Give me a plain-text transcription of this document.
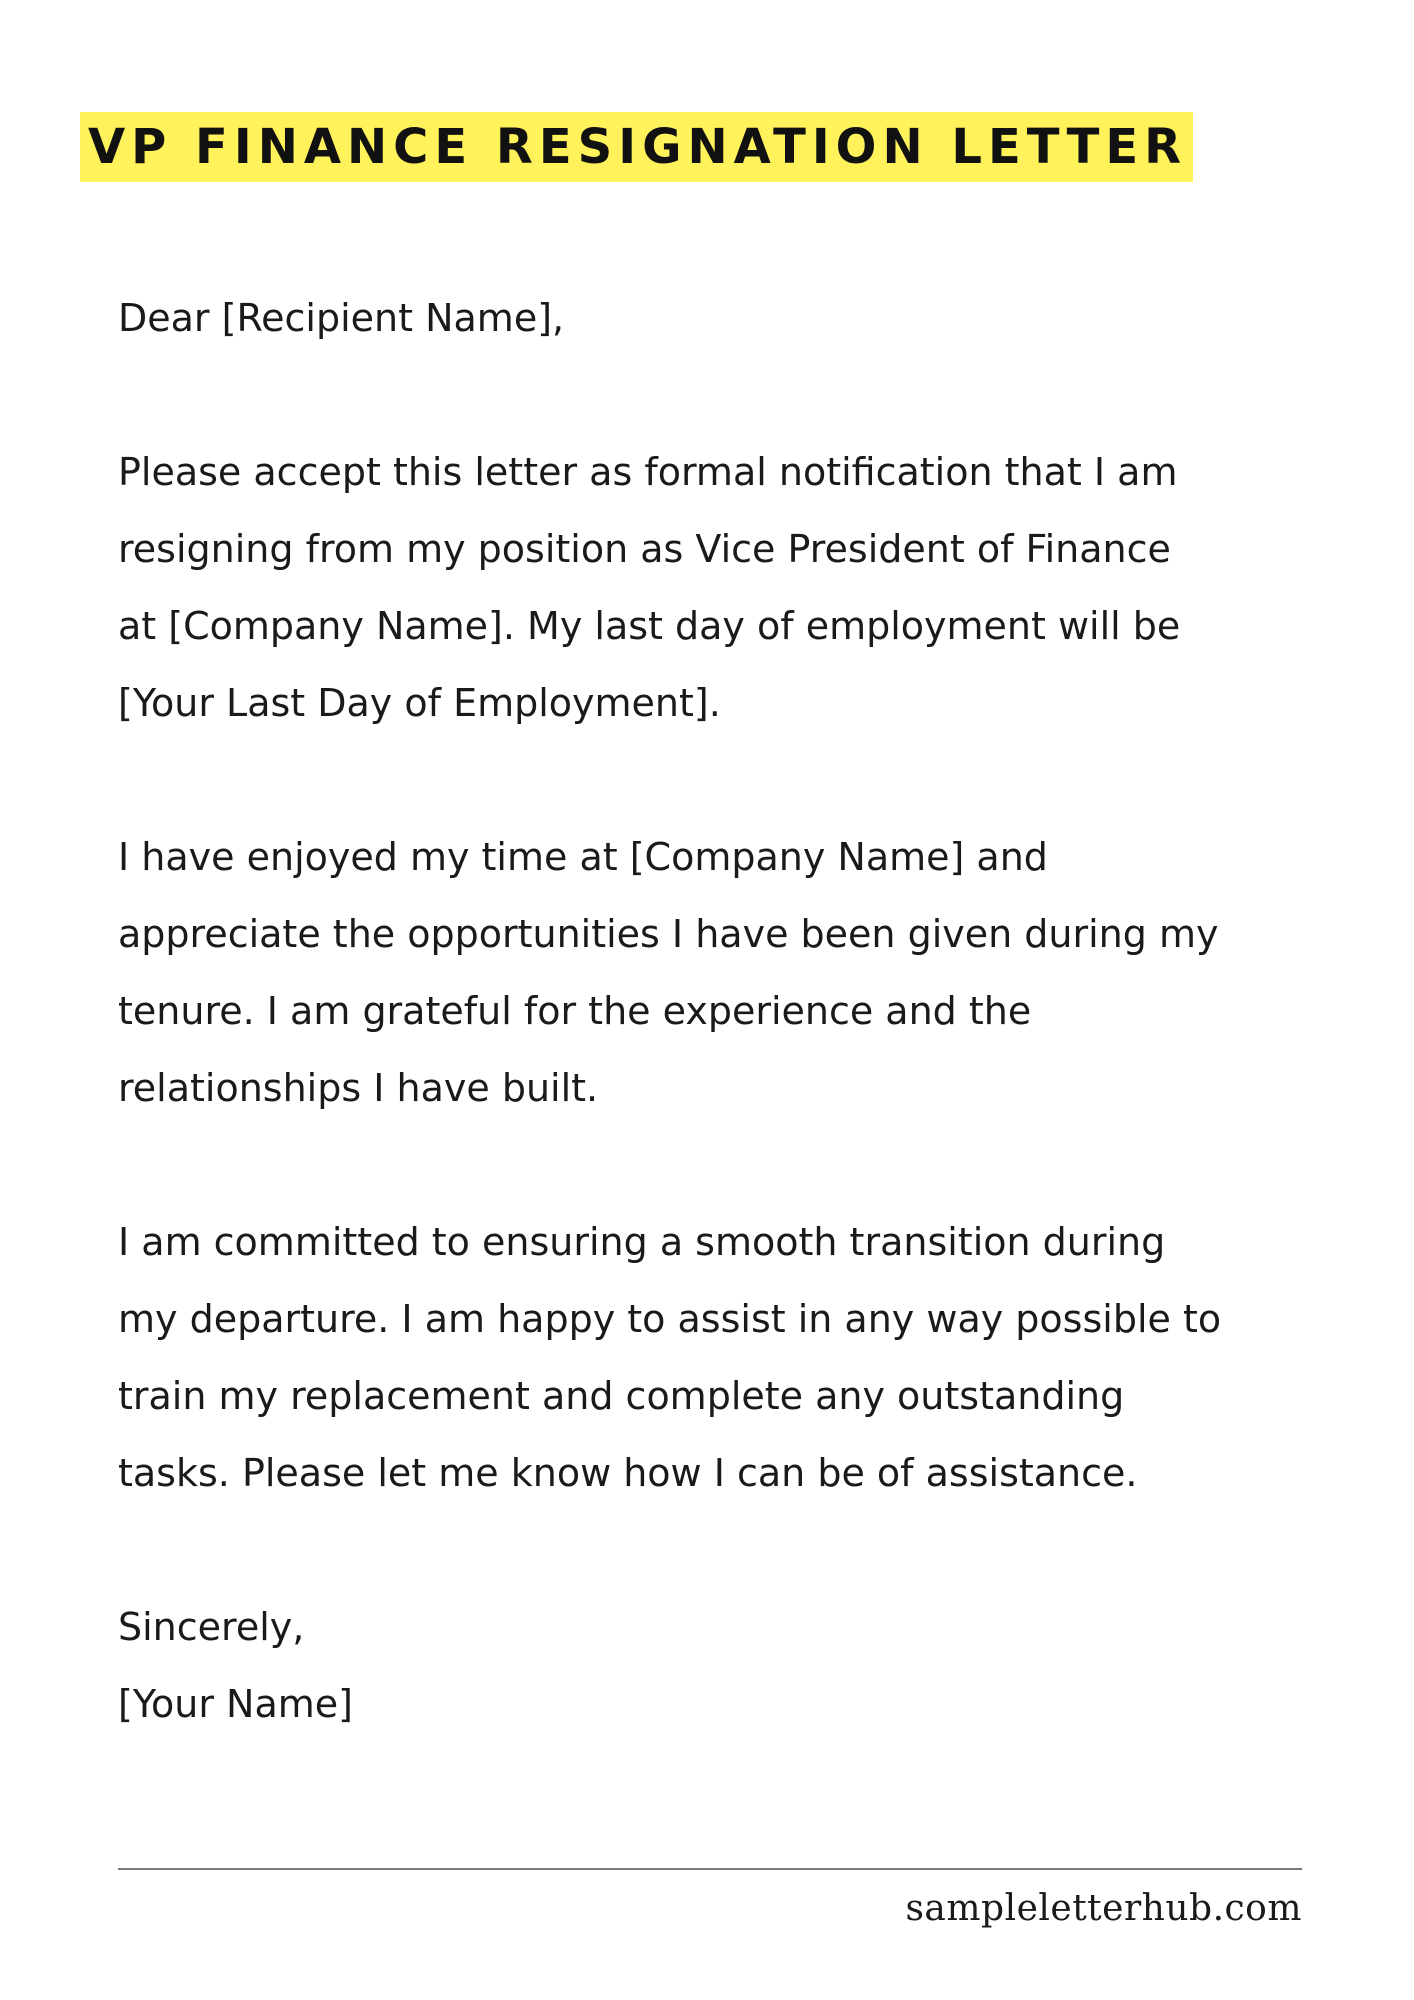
VP FINANCE RESIGNATION LETTER

Dear [Recipient Name],

Please accept this letter as formal notification that I am
resigning from my position as Vice President of Finance
at [Company Name]. My last day of employment will be
[Your Last Day of Employment].

I have enjoyed my time at [Company Name] and
appreciate the opportunities I have been given during my
tenure. I am grateful for the experience and the
relationships I have built.

I am committed to ensuring a smooth transition during
my departure. I am happy to assist in any way possible to
train my replacement and complete any outstanding
tasks. Please let me know how I can be of assistance.

Sincerely,
[Your Name]
sampleletterhub.com
